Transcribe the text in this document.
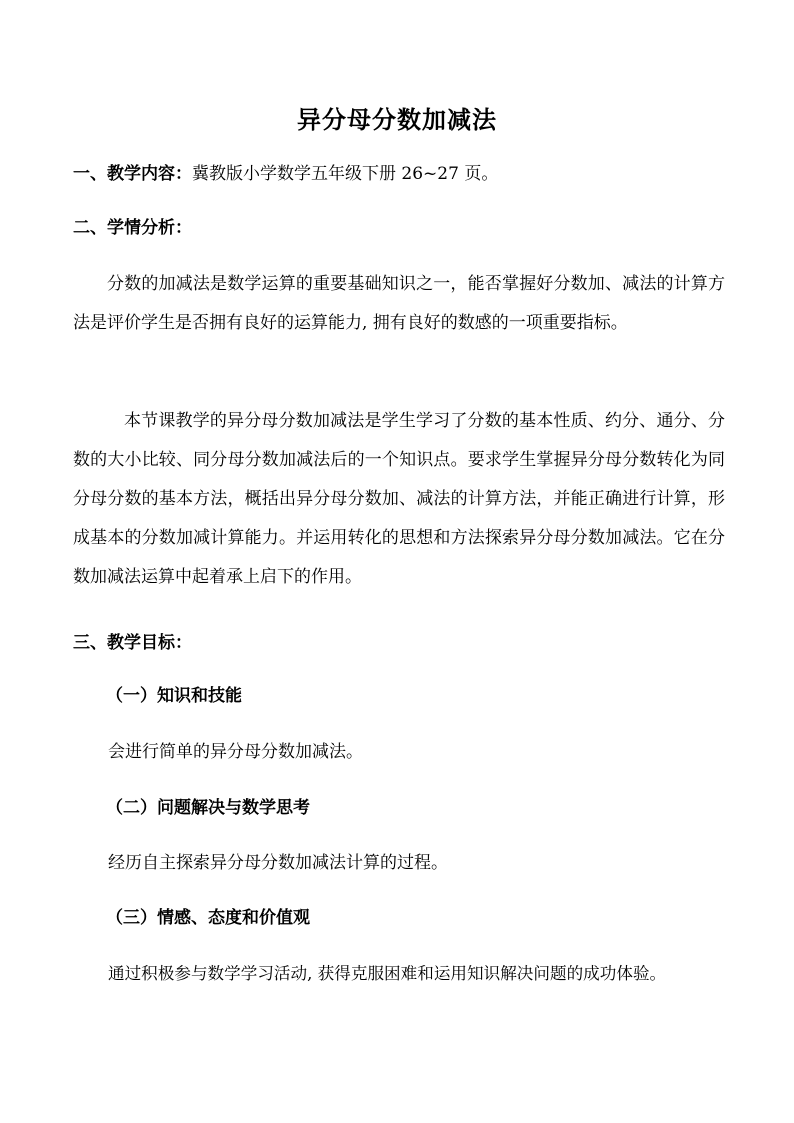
异分母分数加减法
一、教学内容：冀教版小学数学五年级下册 26~27 页。
二、学情分析：
分数的加减法是数学运算的重要基础知识之一，能否掌握好分数加、减法的计算方法是评价学生是否拥有良好的运算能力, 拥有良好的数感的一项重要指标。
本节课教学的异分母分数加减法是学生学习了分数的基本性质、约分、通分、分数的大小比较、同分母分数加减法后的一个知识点。要求学生掌握异分母分数转化为同分母分数的基本方法，概括出异分母分数加、减法的计算方法，并能正确进行计算，形成基本的分数加减计算能力。并运用转化的思想和方法探索异分母分数加减法。它在分数加减法运算中起着承上启下的作用。
三、教学目标：
（一）知识和技能
会进行简单的异分母分数加减法。
（二）问题解决与数学思考
经历自主探索异分母分数加减法计算的过程。
（三）情感、态度和价值观
通过积极参与数学学习活动, 获得克服困难和运用知识解决问题的成功体验。
